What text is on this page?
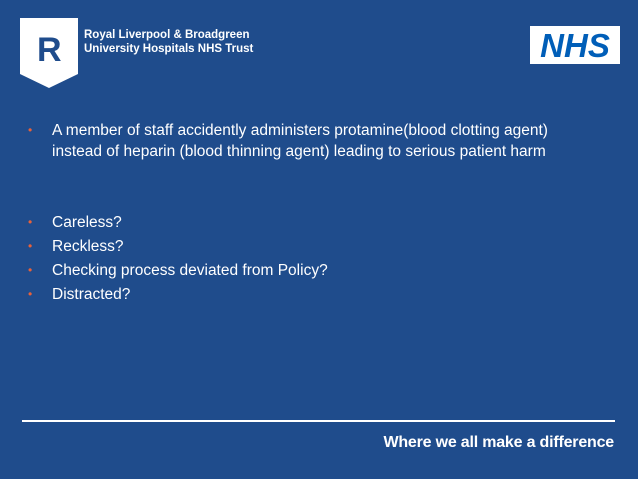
R Royal Liverpool & Broadgreen
University Hospitals NHS Trust	NHS
• A member of staff accidently administers protamine(blood clotting agent) instead of heparin (blood thinning agent) leading to serious patient harm
• Careless?
• Reckless?
• Checking process deviated from Policy?
• Distracted?
Where we all make a difference
